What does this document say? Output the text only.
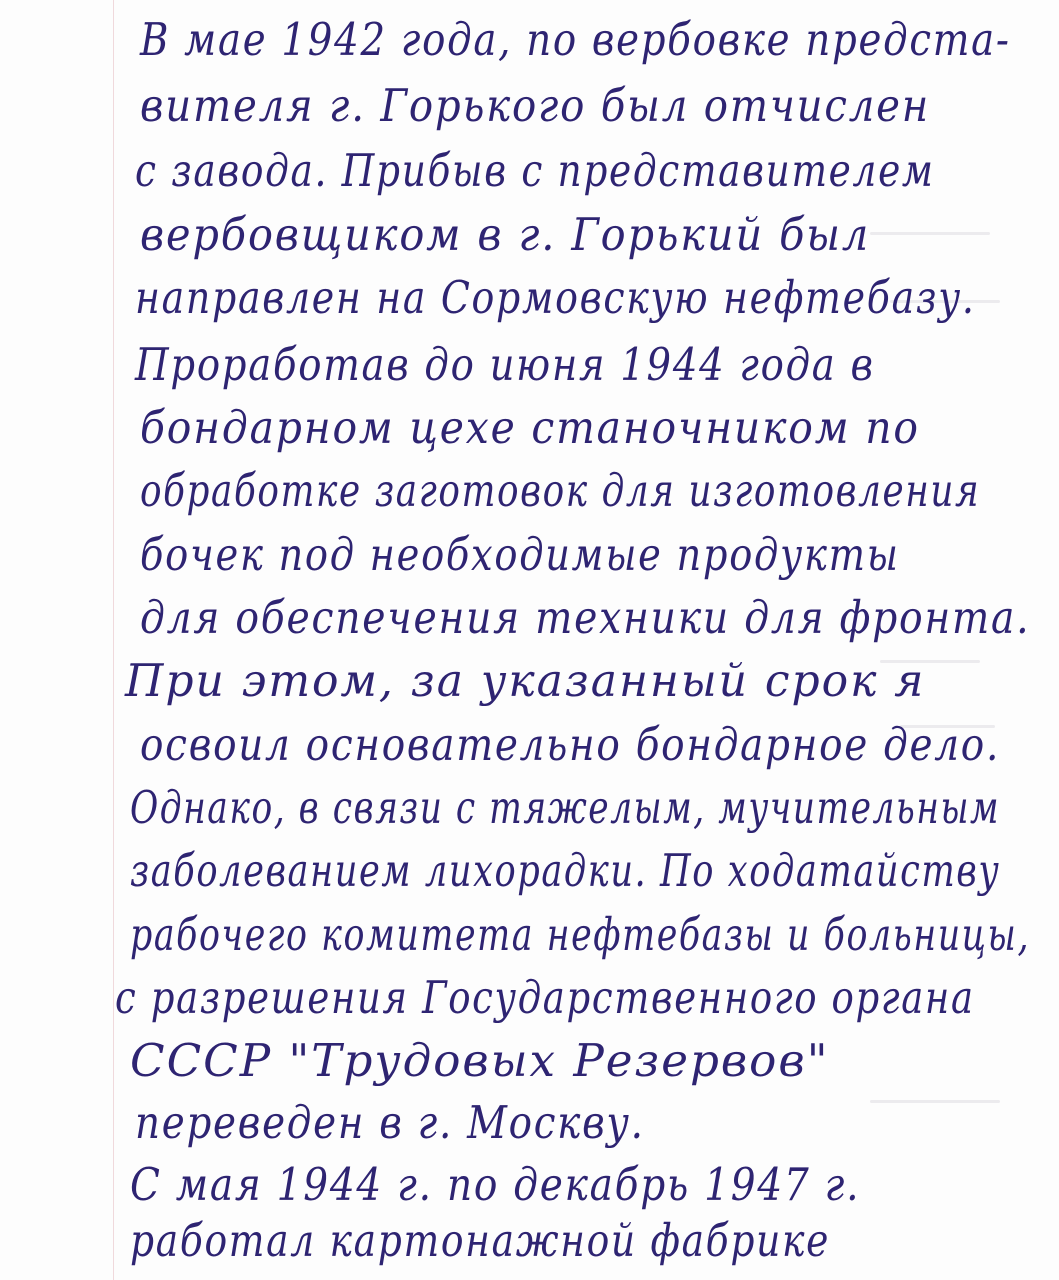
В мае 1942 года, по вербовке предста-
вителя г. Горького был отчислен
с завода. Прибыв с представителем
вербовщиком в г. Горький был
направлен на Сормовскую нефтебазу.
Проработав до июня 1944 года в
бондарном цехе станочником по
обработке заготовок для изготовления
бочек под необходимые продукты
для обеспечения техники для фронта.
При этом, за указанный срок я
освоил основательно бондарное дело.
Однако, в связи с тяжелым, мучительным
заболеванием лихорадки. По ходатайству
рабочего комитета нефтебазы и больницы,
с разрешения Государственного органа
СССР "Трудовых Резервов"
переведен в г. Москву.
С мая 1944 г. по декабрь 1947 г.
работал картонажной фабрике
